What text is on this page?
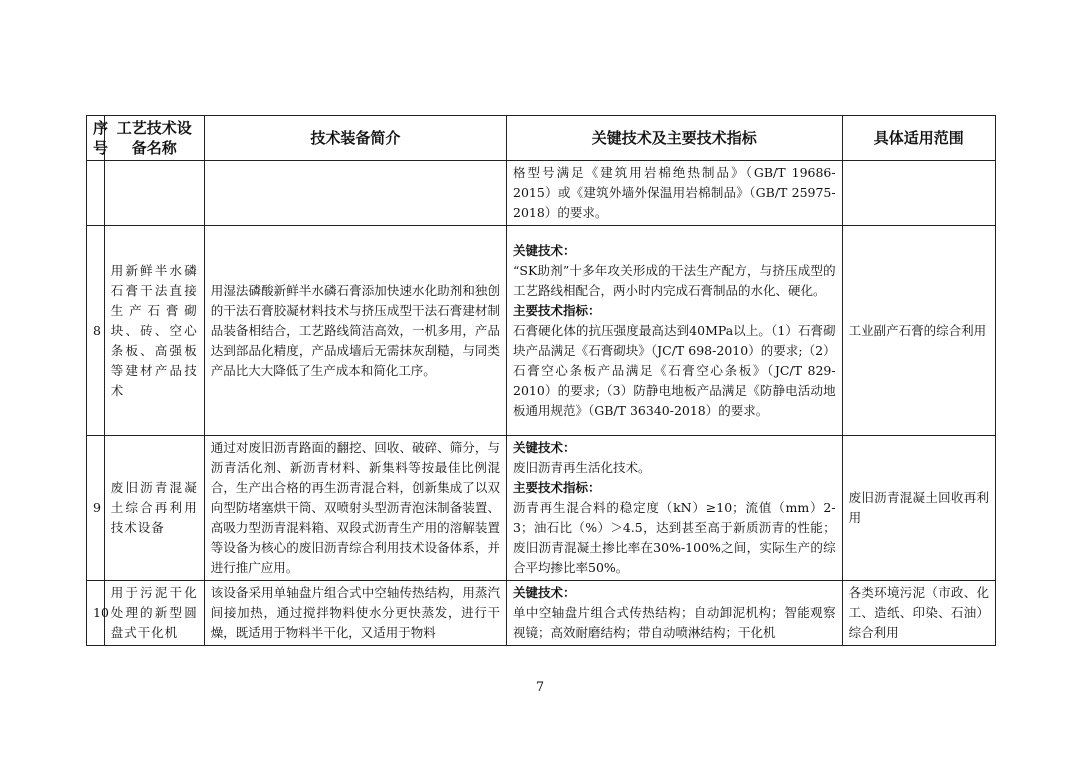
序号	工艺技术设备名称	技术装备简介	关键技术及主要技术指标	具体适用范围

			格型号满足《建筑用岩棉绝热制品》（GB/T 19686-2015）或《建筑外墙外保温用岩棉制品》（GB/T 25975-2018）的要求。	

8	用新鲜半水磷石膏干法直接生产石膏砌块、砖、空心条板、高强板等建材产品技术	用湿法磷酸新鲜半水磷石膏添加快速水化助剂和独创的干法石膏胶凝材料技术与挤压成型干法石膏建材制品装备相结合，工艺路线简洁高效，一机多用，产品达到部品化精度，产品成墙后无需抹灰刮糙，与同类产品比大大降低了生产成本和简化工序。	关键技术：
“SK助剂”十多年攻关形成的干法生产配方，与挤压成型的工艺路线相配合，两小时内完成石膏制品的水化、硬化。
主要技术指标：
石膏硬化体的抗压强度最高达到40MPa以上。（1）石膏砌块产品满足《石膏砌块》（JC/T 698-2010）的要求;（2）石膏空心条板产品满足《石膏空心条板》（JC/T 829-2010）的要求;（3）防静电地板产品满足《防静电活动地板通用规范》（GB/T 36340-2018）的要求。	工业副产石膏的综合利用
9	废旧沥青混凝土综合再利用技术设备	通过对废旧沥青路面的翻挖、回收、破碎、筛分，与沥青活化剂、新沥青材料、新集料等按最佳比例混合，生产出合格的再生沥青混合料，创新集成了以双向型防堵塞烘干筒、双喷射头型沥青泡沫制备装置、高吸力型沥青混料箱、双段式沥青生产用的溶解装置等设备为核心的废旧沥青综合利用技术设备体系，并进行推广应用。	关键技术：
废旧沥青再生活化技术。
主要技术指标：
沥青再生混合料的稳定度（kN）≥10；流值（mm）2-3；油石比（%）＞4.5，达到甚至高于新质沥青的性能；废旧沥青混凝土掺比率在30%-100%之间，实际生产的综合平均掺比率50%。	废旧沥青混凝土回收再利用
10	用于污泥干化处理的新型圆盘式干化机	该设备采用单轴盘片组合式中空轴传热结构，用蒸汽间接加热，通过搅拌物料使水分更快蒸发，进行干燥，既适用于物料半干化，又适用于物料	关键技术：
单中空轴盘片组合式传热结构；自动卸泥机构；智能观察视镜；高效耐磨结构；带自动喷淋结构；干化机	各类环境污泥（市政、化工、造纸、印染、石油）综合利用
7
